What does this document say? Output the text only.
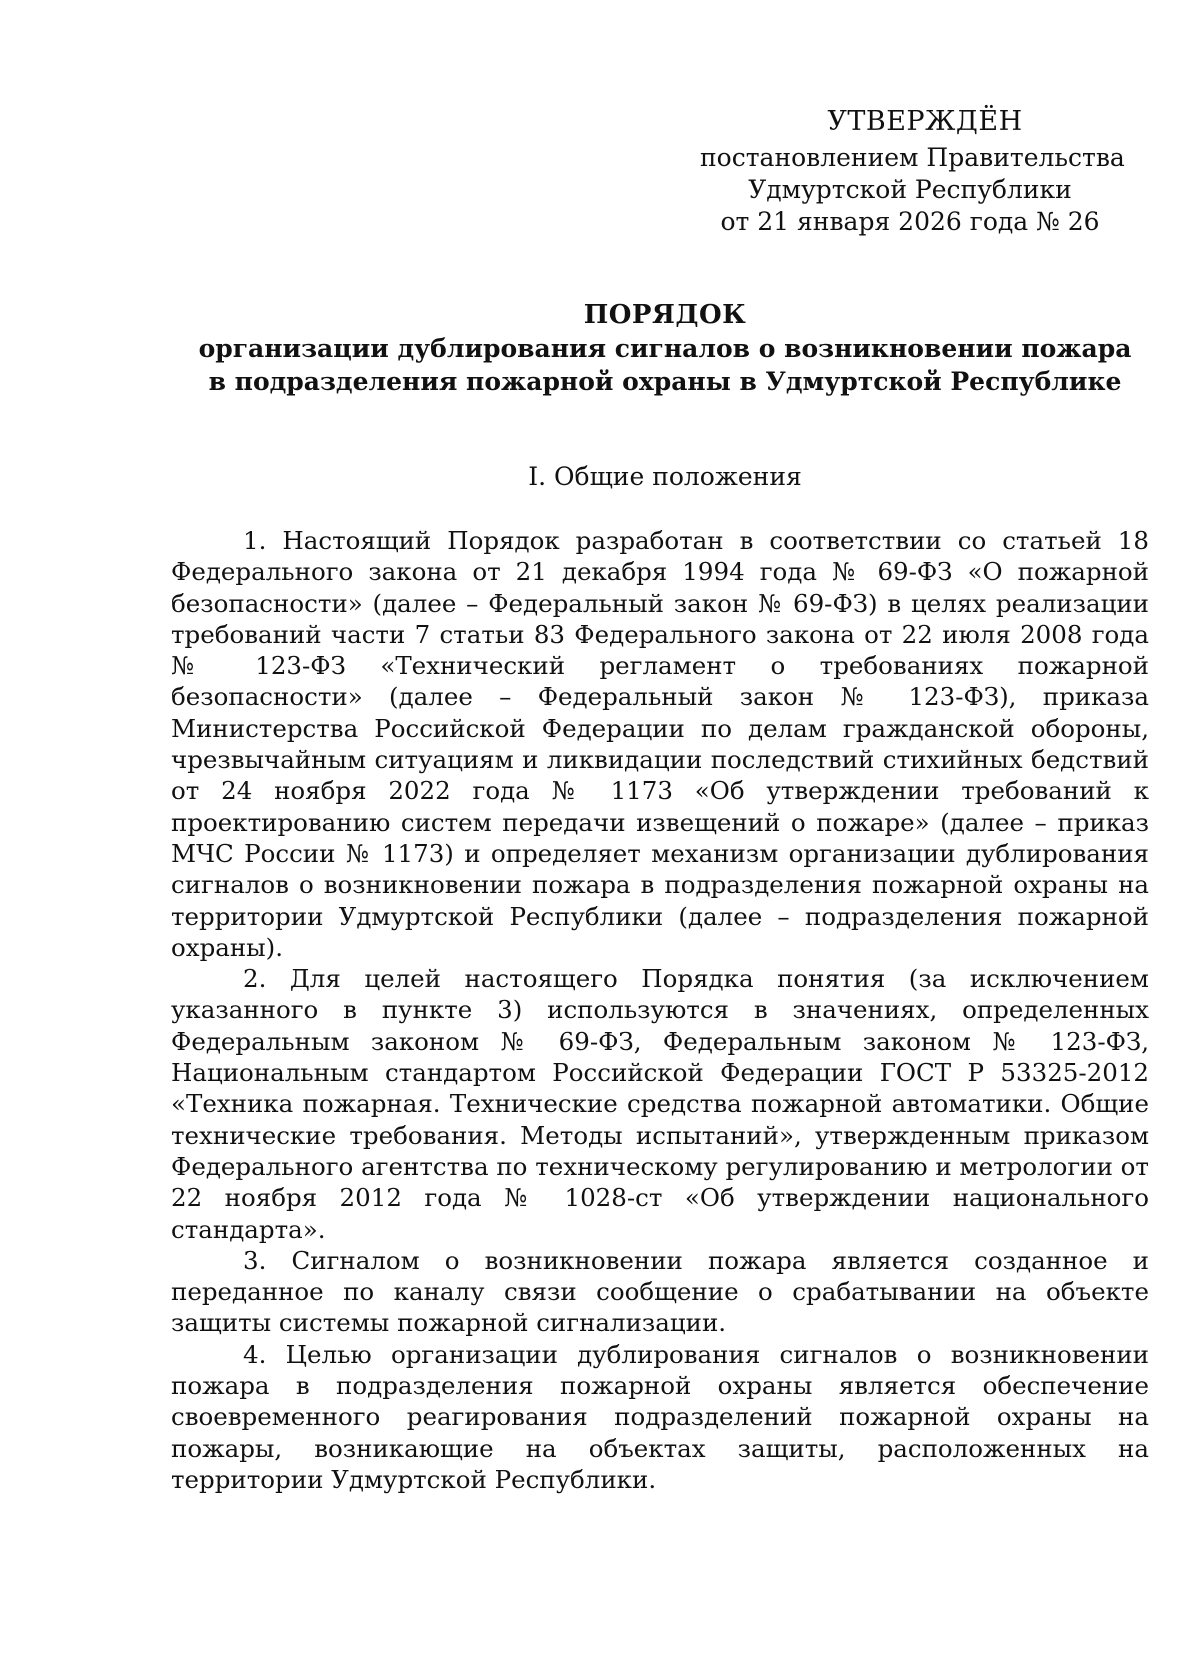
УТВЕРЖДЁН
постановлением Правительства
Удмуртской Республики
от 21 января 2026 года № 26
ПОРЯДОК
организации дублирования сигналов о возникновении пожара
в подразделения пожарной охраны в Удмуртской Республике
I. Общие положения

1. Настоящий Порядок разработан в соответствии со статьей 18 Федерального закона от 21 декабря 1994 года № 69-ФЗ «О пожарной безопасности» (далее – Федеральный закон № 69-ФЗ) в целях реализации требований части 7 статьи 83 Федерального закона от 22 июля 2008 года № 123-ФЗ «Технический регламент о требованиях пожарной безопасности» (далее – Федеральный закон № 123-ФЗ), приказа Министерства Российской Федерации по делам гражданской обороны, чрезвычайным ситуациям и ликвидации последствий стихийных бедствий от 24 ноября 2022 года № 1173 «Об утверждении требований к проектированию систем передачи извещений о пожаре» (далее – приказ МЧС России № 1173) и определяет механизм организации дублирования сигналов о возникновении пожара в подразделения пожарной охраны на территории Удмуртской Республики (далее – подразделения пожарной охраны).

2. Для целей настоящего Порядка понятия (за исключением указанного в пункте 3) используются в значениях, определенных Федеральным законом № 69-ФЗ, Федеральным законом № 123-ФЗ, Национальным стандартом Российской Федерации ГОСТ Р 53325-2012 «Техника пожарная. Технические средства пожарной автоматики. Общие технические требования. Методы испытаний», утвержденным приказом Федерального агентства по техническому регулированию и метрологии от 22 ноября 2012 года № 1028-ст «Об утверждении национального стандарта».

3. Сигналом о возникновении пожара является созданное и переданное по каналу связи сообщение о срабатывании на объекте защиты системы пожарной сигнализации.

4. Целью организации дублирования сигналов о возникновении пожара в подразделения пожарной охраны является обеспечение своевременного реагирования подразделений пожарной охраны на пожары, возникающие на объектах защиты, расположенных на территории Удмуртской Республики.
